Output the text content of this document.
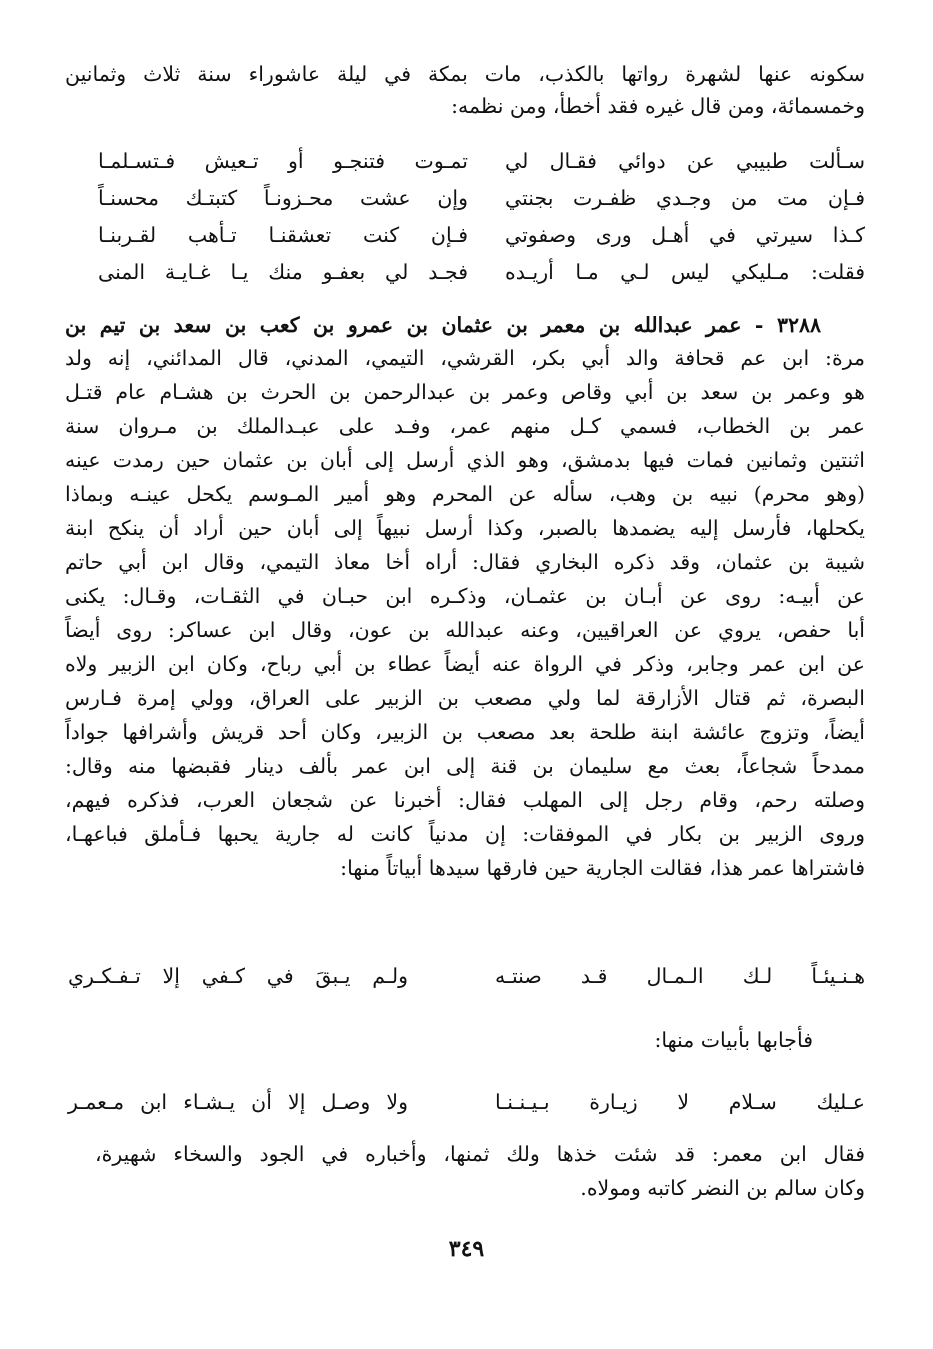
سكونه عنها لشهرة رواتها بالكذب، مات بمكة في ليلة عاشوراء سنة ثلاث وثمانين
وخمسمائة، ومن قال غيره فقد أخطأ، ومن نظمه:
سـألت طبيبي عن دوائي فقـال لي
تمـوت فتنجـو أو تـعيش فـتسـلمـا
فـإن مت من وجـدي ظفـرت بجنتي
وإن عشت محـزونـاً كتبتـك محسنـاً
كـذا سيرتي في أهـل ورى وصفوتي
فـإن كنت تعشقنـا تـأهب لقـربنـا
فقلت: مـليكي ليس لـي مـا أريـده
فجـد لي بعفـو منك يـا غـايـة المنى
٣٢٨٨ - عمر عبدالله بن معمر بن عثمان بن عمرو بن كعب بن سعد بن تيم بن
مرة: ابن عم قحافة والد أبي بكر، القرشي، التيمي، المدني، قال المدائني، إنه ولد
هو وعمر بن سعد بن أبي وقاص وعمر بن عبدالرحمن بن الحرث بن هشـام عام قتـل
عمر بن الخطاب، فسمي كـل منهم عمر، وفـد على عبـدالملك بن مـروان سنة
اثنتين وثمانين فمات فيها بدمشق، وهو الذي أرسل إلى أبان بن عثمان حين رمدت عينه
(وهو محرم) نبيه بن وهب، سأله عن المحرم وهو أمير المـوسم يكحل عينـه وبماذا
يكحلها، فأرسل إليه يضمدها بالصبر، وكذا أرسل نبيهاً إلى أبان حين أراد أن ينكح ابنة
شيبة بن عثمان، وقد ذكره البخاري فقال: أراه أخا معاذ التيمي، وقال ابن أبي حاتم
عن أبيـه: روى عن أبـان بن عثمـان، وذكـره ابن حبـان في الثقـات، وقـال: يكنى
أبا حفص، يروي عن العراقيين، وعنه عبدالله بن عون، وقال ابن عساكر: روى أيضاً
عن ابن عمر وجابر، وذكر في الرواة عنه أيضاً عطاء بن أبي رباح، وكان ابن الزبير ولاه
البصرة، ثم قتال الأزارقة لما ولي مصعب بن الزبير على العراق، وولي إمرة فـارس
أيضاً، وتزوج عائشة ابنة طلحة بعد مصعب بن الزبير، وكان أحد قريش وأشرافها جواداً
ممدحاً شجاعاً، بعث مع سليمان بن قنة إلى ابن عمر بألف دينار فقبضها منه وقال:
وصلته رحم، وقام رجل إلى المهلب فقال: أخبرنا عن شجعان العرب، فذكره فيهم،
وروى الزبير بن بكار في الموفقات: إن مدنياً كانت له جارية يحبها فـأملق فباعهـا،
فاشتراها عمر هذا، فقالت الجارية حين فارقها سيدها أبياتاً منها:
هـنـيئـاً لـك الـمـال قـد صنتـه
ولـم يـبقَ في كـفي إلا تـفـكـري
فأجابها بأبيات منها:
عـليك سـلام لا زيـارة بـيـنـنـا
ولا وصـل إلا أن يـشـاء ابن مـعمـر
فقال ابن معمر: قد شئت خذها ولك ثمنها، وأخباره في الجود والسخاء شهيرة،
وكان سالم بن النضر كاتبه ومولاه.
٣٤٩
